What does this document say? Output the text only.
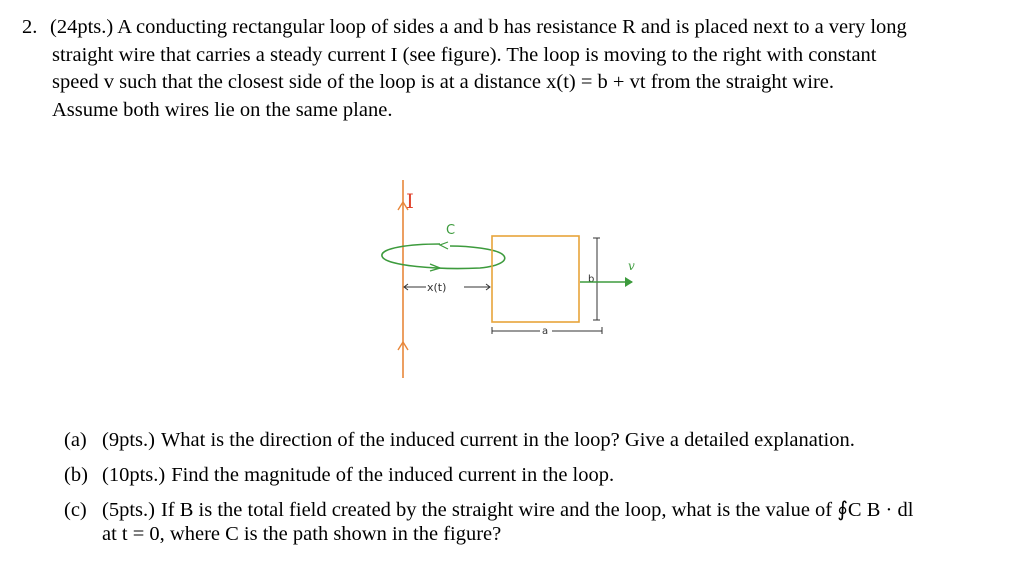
2. (24pts.) A conducting rectangular loop of sides a and b has resistance R and is placed next to a very long
straight wire that carries a steady current I (see figure). The loop is moving to the right with constant
speed v such that the closest side of the loop is at a distance x(t) = b + vt from the straight wire.
Assume both wires lie on the same plane.
I
C
x(t)
b
a
v
(a) (9pts.) What is the direction of the induced current in the loop? Give a detailed explanation.
(b) (10pts.) Find the magnitude of the induced current in the loop.
(c) (5pts.) If B is the total field created by the straight wire and the loop, what is the value of ∮C B · dl
at t = 0, where C is the path shown in the figure?
